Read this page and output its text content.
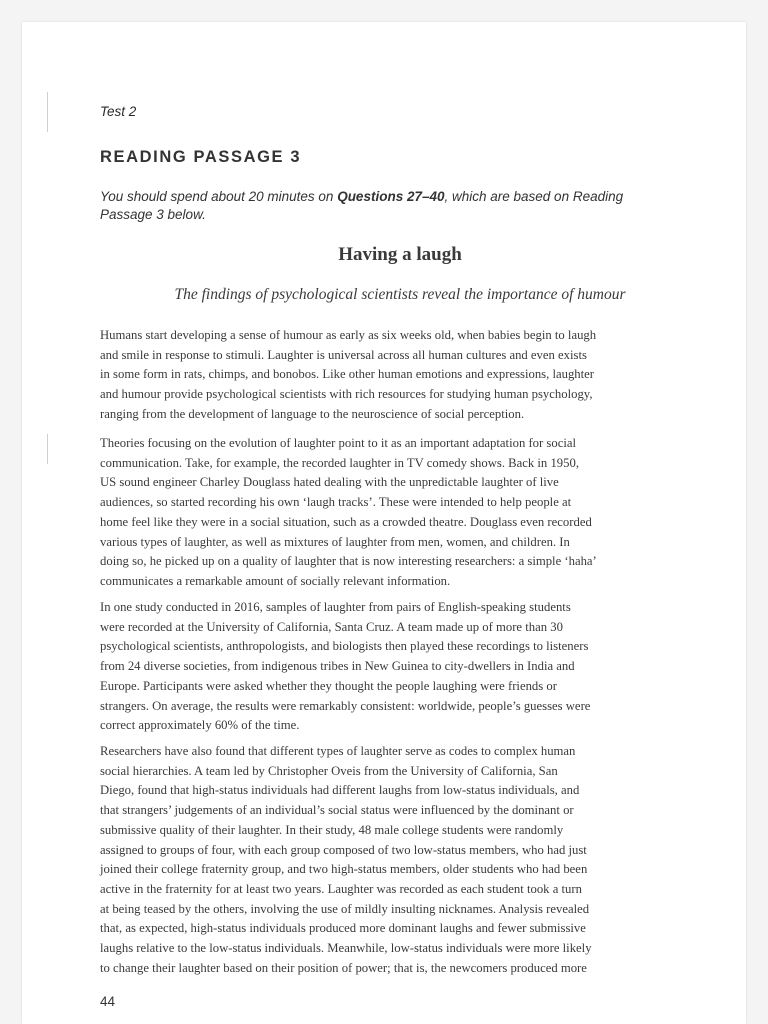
Test 2

READING PASSAGE 3

You should spend about 20 minutes on Questions 27–40, which are based on Reading
Passage 3 below.

Having a laugh

The findings of psychological scientists reveal the importance of humour

Humans start developing a sense of humour as early as six weeks old, when babies begin to laugh
and smile in response to stimuli. Laughter is universal across all human cultures and even exists
in some form in rats, chimps, and bonobos. Like other human emotions and expressions, laughter
and humour provide psychological scientists with rich resources for studying human psychology,
ranging from the development of language to the neuroscience of social perception.

Theories focusing on the evolution of laughter point to it as an important adaptation for social
communication. Take, for example, the recorded laughter in TV comedy shows. Back in 1950,
US sound engineer Charley Douglass hated dealing with the unpredictable laughter of live
audiences, so started recording his own ‘laugh tracks’. These were intended to help people at
home feel like they were in a social situation, such as a crowded theatre. Douglass even recorded
various types of laughter, as well as mixtures of laughter from men, women, and children. In
doing so, he picked up on a quality of laughter that is now interesting researchers: a simple ‘haha’
communicates a remarkable amount of socially relevant information.

In one study conducted in 2016, samples of laughter from pairs of English-speaking students
were recorded at the University of California, Santa Cruz. A team made up of more than 30
psychological scientists, anthropologists, and biologists then played these recordings to listeners
from 24 diverse societies, from indigenous tribes in New Guinea to city-dwellers in India and
Europe. Participants were asked whether they thought the people laughing were friends or
strangers. On average, the results were remarkably consistent: worldwide, people’s guesses were
correct approximately 60% of the time.

Researchers have also found that different types of laughter serve as codes to complex human
social hierarchies. A team led by Christopher Oveis from the University of California, San
Diego, found that high-status individuals had different laughs from low-status individuals, and
that strangers’ judgements of an individual’s social status were influenced by the dominant or
submissive quality of their laughter. In their study, 48 male college students were randomly
assigned to groups of four, with each group composed of two low-status members, who had just
joined their college fraternity group, and two high-status members, older students who had been
active in the fraternity for at least two years. Laughter was recorded as each student took a turn
at being teased by the others, involving the use of mildly insulting nicknames. Analysis revealed
that, as expected, high-status individuals produced more dominant laughs and fewer submissive
laughs relative to the low-status individuals. Meanwhile, low-status individuals were more likely
to change their laughter based on their position of power; that is, the newcomers produced more

44
